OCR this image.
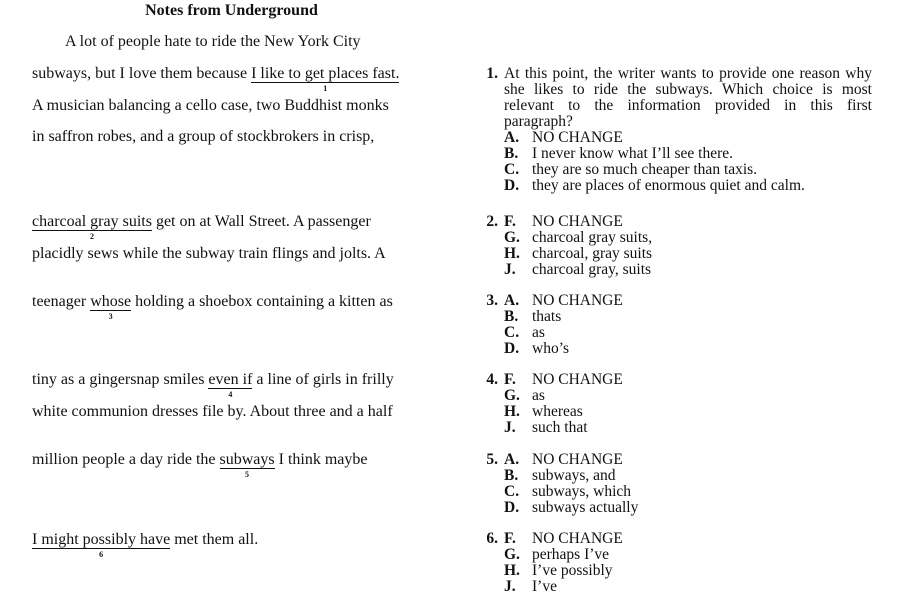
Notes from Underground
A lot of people hate to ride the New York City
subways, but I love them because I like to get places fast.
1
A musician balancing a cello case, two Buddhist monks
in saffron robes, and a group of stockbrokers in crisp,
charcoal gray suits
2
get on at Wall Street. A passenger
placidly sews while the subway train flings and jolts. A
teenager whose
3
holding a shoebox containing a kitten as
tiny as a gingersnap smiles even if
4
a line of girls in frilly
white communion dresses file by. About three and a half
million people a day ride the subways
5
I think maybe
I might possibly have
6
met them all.
1. At this point, the writer wants to provide one reason why she likes to ride the subways. Which choice is most relevant to the information provided in this first paragraph?
A. NO CHANGE
B. I never know what I’ll see there.
C. they are so much cheaper than taxis.
D. they are places of enormous quiet and calm.
2. F.	NO CHANGE
G. charcoal gray suits,
H. charcoal, gray suits
J.	charcoal gray, suits
3. A. NO CHANGE
B. thats
C. as
D. who’s
4. F.	NO CHANGE
G. as
H. whereas
J.	such that
5. A. NO CHANGE
B. subways, and
C. subways, which
D. subways actually
6. F.	NO CHANGE
G. perhaps I’ve
H. I’ve possibly
J.	I’ve
